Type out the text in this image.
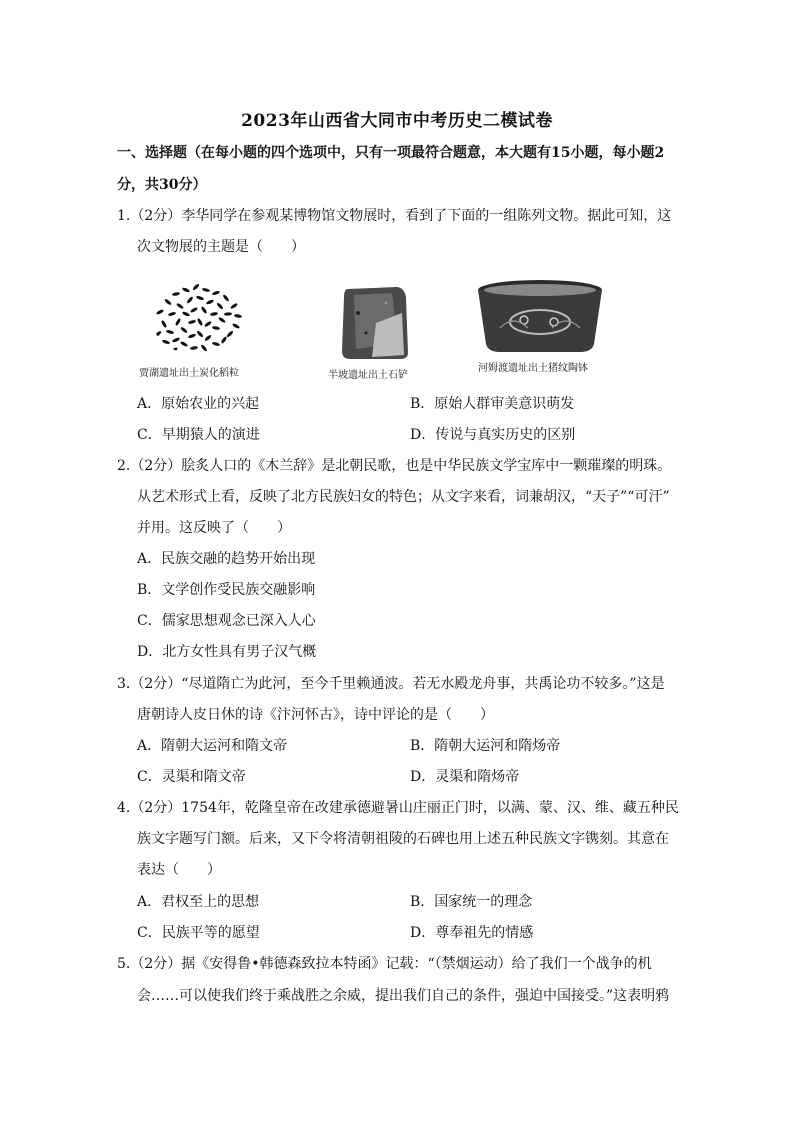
2023年山西省大同市中考历史二模试卷
一、选择题（在每小题的四个选项中，只有一项最符合题意，本大题有15小题，每小题2
分，共30分）
1.（2分）李华同学在参观某博物馆文物展时，看到了下面的一组陈列文物。据此可知，这
次文物展的主题是（　　）
贾湖遗址出土炭化稻粒	半坡遗址出土石铲
河姆渡遗址出土猪纹陶钵
A．原始农业的兴起	B．原始人群审美意识萌发
C．早期猿人的演进	D．传说与真实历史的区别
2.（2分）脍炙人口的《木兰辞》是北朝民歌，也是中华民族文学宝库中一颗璀璨的明珠。
从艺术形式上看，反映了北方民族妇女的特色；从文字来看，词兼胡汉，“天子”“可汗”
并用。这反映了（　　）
A．民族交融的趋势开始出现
B．文学创作受民族交融影响
C．儒家思想观念已深入人心
D．北方女性具有男子汉气概
3.（2分）“尽道隋亡为此河，至今千里赖通波。若无水殿龙舟事，共禹论功不较多。”这是
唐朝诗人皮日休的诗《汴河怀古》，诗中评论的是（　　）
A．隋朝大运河和隋文帝	B．隋朝大运河和隋炀帝
C．灵渠和隋文帝	D．灵渠和隋炀帝
4.（2分）1754年，乾隆皇帝在改建承德避暑山庄丽正门时，以满、蒙、汉、维、藏五种民
族文字题写门额。后来，又下令将清朝祖陵的石碑也用上述五种民族文字镌刻。其意在
表达（　　）
A．君权至上的思想	B．国家统一的理念
C．民族平等的愿望	D．尊奉祖先的情感
5.（2分）据《安得鲁•韩德森致拉本特函》记载：“（禁烟运动）给了我们一个战争的机
会……可以使我们终于乘战胜之余威，提出我们自己的条件，强迫中国接受。”这表明鸦
